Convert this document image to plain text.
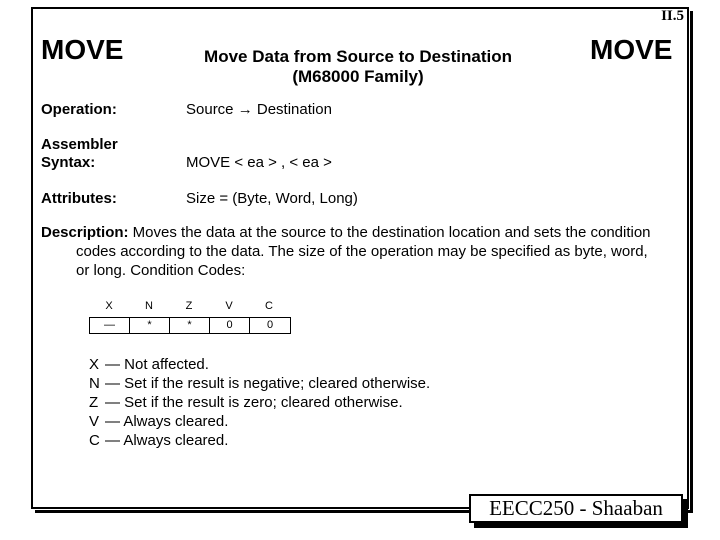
II.5
MOVE	MOVE
Move Data from Source to Destination
(M68000 Family)
Operation:	Source → Destination
Assembler
Syntax:	MOVE < ea > , < ea >
Attributes:	Size = (Byte, Word, Long)
Description: Moves the data at the source to the destination location and sets the condition
codes according to the data. The size of the operation may be specified as byte, word,
or long. Condition Codes:
X	N	Z	V	C
—	*	*	0	0
X — Not affected.
N — Set if the result is negative; cleared otherwise.
Z — Set if the result is zero; cleared otherwise.
V — Always cleared.
C — Always cleared.
EECC250 - Shaaban
